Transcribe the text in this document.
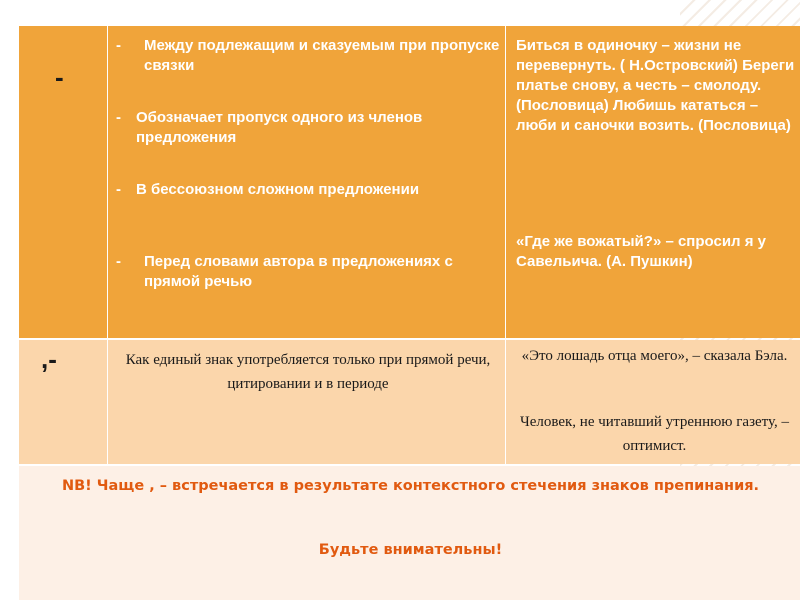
-
- Между подлежащим и сказуемым при пропуске связки
- Обозначает пропуск одного из членов предложения
- В бессоюзном сложном предложении
- Перед словами автора в предложениях с прямой речью
Биться в одиночку – жизни не перевернуть. ( Н.Островский) Береги платье снову, а честь – смолоду. (Пословица) Любишь кататься – люби и саночки возить. (Пословица)
«Где же вожатый?» – спросил я у Савельича. (А. Пушкин)
,-	Как единый знак употребляется только при прямой речи, цитировании и в периоде
«Это лошадь отца моего», – сказала Бэла.
Человек, не читавший утреннюю газету, – оптимист.
NB! Чаще , – встречается в результате контекстного стечения знаков препинания.
Будьте внимательны!
